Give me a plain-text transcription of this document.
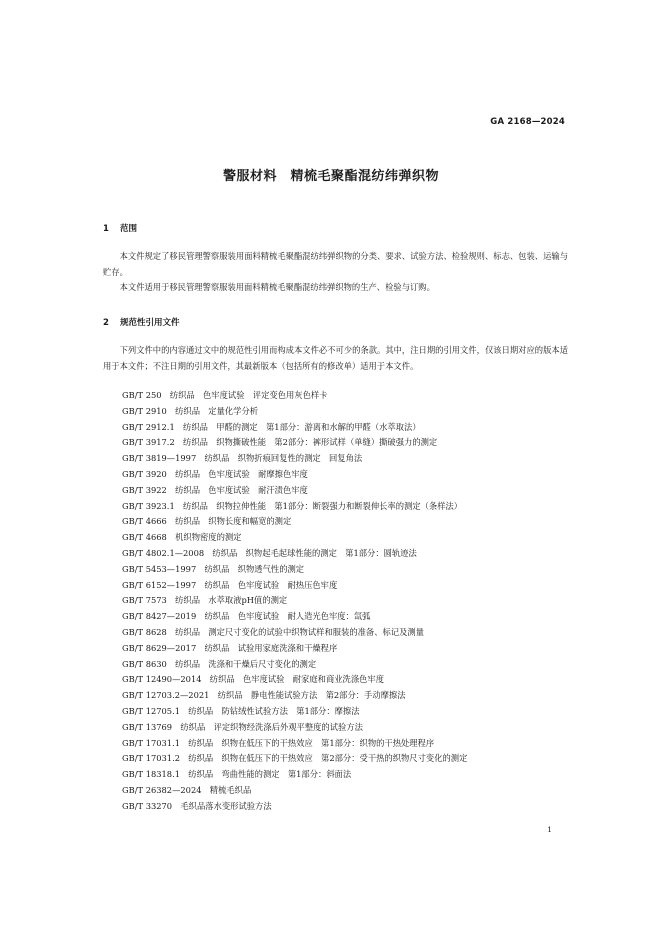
GA 2168—2024
警服材料　精梳毛聚酯混纺纬弹织物
1 范围

本文件规定了移民管理警察服装用面料精梳毛聚酯混纺纬弹织物的分类、要求、试验方法、检验规则、标志、包装、运输与贮存。

本文件适用于移民管理警察服装用面料精梳毛聚酯混纺纬弹织物的生产、检验与订购。

2 规范性引用文件

下列文件中的内容通过文中的规范性引用而构成本文件必不可少的条款。其中，注日期的引用文件，仅该日期对应的版本适用于本文件；不注日期的引用文件，其最新版本（包括所有的修改单）适用于本文件。

GB/T 250　纺织品　色牢度试验　评定变色用灰色样卡
GB/T 2910　纺织品　定量化学分析
GB/T 2912.1　纺织品　甲醛的测定　第1部分：游离和水解的甲醛（水萃取法）
GB/T 3917.2　纺织品　织物撕破性能　第2部分：裤形试样（单缝）撕破强力的测定
GB/T 3819—1997　纺织品　织物折痕回复性的测定　回复角法
GB/T 3920　纺织品　色牢度试验　耐摩擦色牢度
GB/T 3922　纺织品　色牢度试验　耐汗渍色牢度
GB/T 3923.1　纺织品　织物拉伸性能　第1部分：断裂强力和断裂伸长率的测定（条样法）
GB/T 4666　纺织品　织物长度和幅宽的测定
GB/T 4668　机织物密度的测定
GB/T 4802.1—2008　纺织品　织物起毛起球性能的测定　第1部分：圆轨迹法
GB/T 5453—1997　纺织品　织物透气性的测定
GB/T 6152—1997　纺织品　色牢度试验　耐热压色牢度
GB/T 7573　纺织品　水萃取液pH值的测定
GB/T 8427—2019　纺织品　色牢度试验　耐人造光色牢度：氙弧
GB/T 8628　纺织品　测定尺寸变化的试验中织物试样和服装的准备、标记及测量
GB/T 8629—2017　纺织品　试验用家庭洗涤和干燥程序
GB/T 8630　纺织品　洗涤和干燥后尺寸变化的测定
GB/T 12490—2014　纺织品　色牢度试验　耐家庭和商业洗涤色牢度
GB/T 12703.2—2021　纺织品　静电性能试验方法　第2部分：手动摩擦法
GB/T 12705.1　纺织品　防钻绒性试验方法　第1部分：摩擦法
GB/T 13769　纺织品　评定织物经洗涤后外观平整度的试验方法
GB/T 17031.1　纺织品　织物在低压下的干热效应　第1部分：织物的干热处理程序
GB/T 17031.2　纺织品　织物在低压下的干热效应　第2部分：受干热的织物尺寸变化的测定
GB/T 18318.1　纺织品　弯曲性能的测定　第1部分：斜面法
GB/T 26382—2024　精梳毛织品
GB/T 33270　毛织品落水变形试验方法
1
